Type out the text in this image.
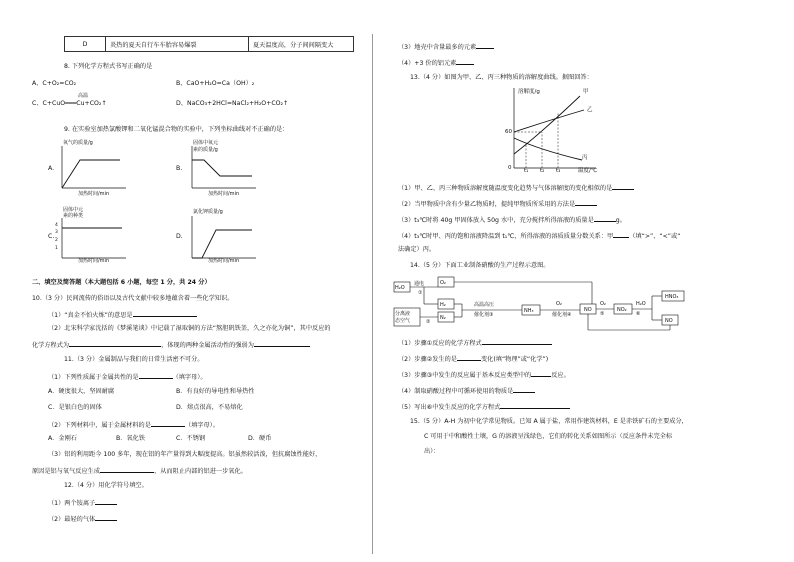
D	炎热的夏天自行车车胎容易爆裂	夏天温度高，分子间间隔变大
8. 下列化学方程式书写正确的是
A、C+O₂=CO₂	B、CaO+H₂O=Ca（OH）₂
高温
C、C+CuO═══Cu+CO₂↑	D、NaCO₃+2HCl=NaCl₂+H₂O+CO₂↑
9. 在实验室加热氯酸钾和二氧化锰混合物的实验中，下列坐标曲线对不正确的是：
A.
氧气的质量/g
加热时间/min
B.
固体中氧元
素的质量/g
加热时间/min
C.
固体中元
素的种类
4
3
2
1
加热时间/min
D.
氯化钾质量/g
加热时间/min
二、填空及简答题（本大题包括 6 小题，每空 1 分，共 24 分）
10.（3 分）民间流传的俗语以及古代文献中较多地蕴含着一些化学知识。
（1）“真金不怕火炼”的意思是
（2）北宋科学家沈括的《梦溪笔谈》中记载了湿取铜的方法“熬胆矾铁釜，久之亦化为铜”，其中反应的
化学方程式为	，体现的两种金属活动性的强弱为
11.（3 分）金属制品与我们的日常生活密不可分。
（1）下列性质属于金属共性的是	（填字母）。
A．硬度很大，坚固耐腐	B．有良好的导电性和导热性
C．是银白色的固体	D．熔点很高，不易熔化
（2）下列材料中，属于金属材料的是	（填字母）。
A．金刚石	B．氧化铁	C．不锈钢	D．硬币
（3）铝的利用距今 100 多年，现在铝的年产量得到大幅度提高。铝虽然较活泼，但抗腐蚀性能好，
原因是铝与氧气反应生成	，从而阻止内部的铝进一步氧化。
12.（4 分）用化学符号填空。
（1）两个铵离子
（2）最轻的气体
（3）地壳中含量最多的元素
（4）+3 价的铝元素
13.（4 分）如图为甲、乙、丙三种物质的溶解度曲线。据图回答：
溶解度/g
温度/℃
60
0 t₁ t₂ t₃
甲
乙
丙
（1）甲、乙、丙三种物质溶解度随温度变化趋势与气体溶解度的变化相似的是
（2）当甲物质中含有少量乙物质时，提纯甲物质所采用的方法是
（3）t₃℃时将 40g 甲固体放入 50g 水中，充分搅拌所得溶液的质量是	g。
（4）t₃℃时甲、丙的饱和溶液降温到 t₁℃，所得溶液的溶质质量分数关系：甲	（填“>”、“<”或“
法确定）丙。
14.（5 分）下面工业制备硝酸的生产过程示意图。
H₂O
通电
①
O₂
H₂
分离液
态空气	②
N₂
高温高压
催化剂③
NH₃
O₂
催化剂④
NO
O₂
⑤
NO₂
H₂O
⑥
HNO₃
NO
（1）步骤①反应的化学方程式
（2）步骤②发生的是	变化(填“物理”或“化学”)
（3）步骤③中发生的反应属于基本反应类型中的	反应。
（4）制取硝酸过程中可循环使用的物质是
（5）写出⑥中发生反应的化学方程式
15.（5 分）A-H 为初中化学常见物质。已知 A 属于盐，常用作建筑材料，E 是赤铁矿石的主要成分，
C 可用于中和酸性土壤，G 的溶液呈浅绿色，它们的转化关系如图所示（反应条件未完全标
出）：
